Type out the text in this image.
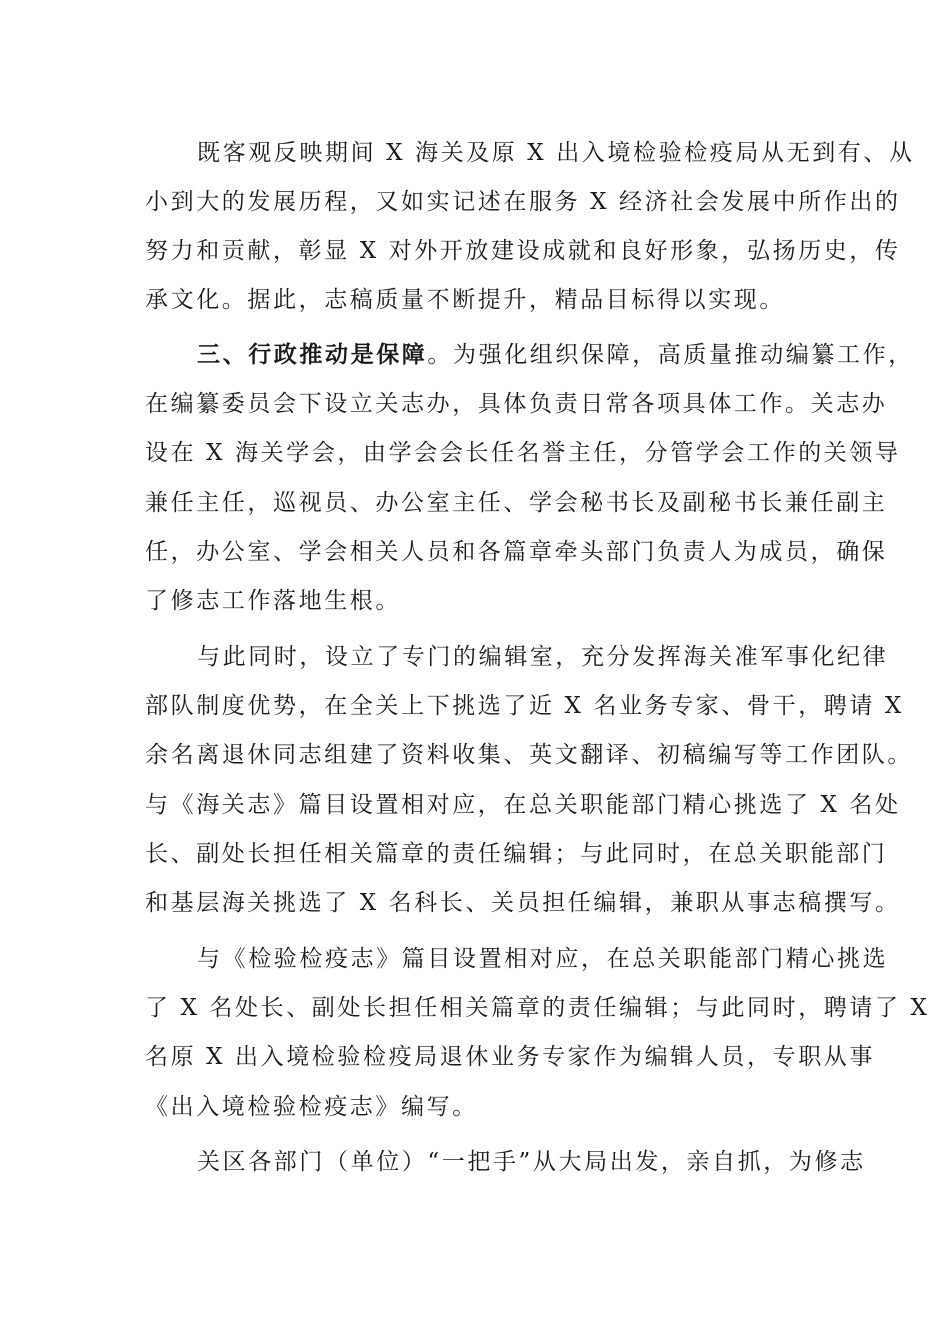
既客观反映期间 X 海关及原 X 出入境检验检疫局从无到有、从
小到大的发展历程，又如实记述在服务 X 经济社会发展中所作出的
努力和贡献，彰显 X 对外开放建设成就和良好形象，弘扬历史，传
承文化。据此，志稿质量不断提升，精品目标得以实现。
三、行政推动是保障。为强化组织保障，高质量推动编纂工作，
在编纂委员会下设立关志办，具体负责日常各项具体工作。关志办
设在 X 海关学会，由学会会长任名誉主任，分管学会工作的关领导
兼任主任，巡视员、办公室主任、学会秘书长及副秘书长兼任副主
任，办公室、学会相关人员和各篇章牵头部门负责人为成员，确保
了修志工作落地生根。
与此同时，设立了专门的编辑室，充分发挥海关准军事化纪律
部队制度优势，在全关上下挑选了近 X 名业务专家、骨干，聘请 X
余名离退休同志组建了资料收集、英文翻译、初稿编写等工作团队。
与《海关志》篇目设置相对应，在总关职能部门精心挑选了 X 名处
长、副处长担任相关篇章的责任编辑；与此同时，在总关职能部门
和基层海关挑选了 X 名科长、关员担任编辑，兼职从事志稿撰写。
与《检验检疫志》篇目设置相对应，在总关职能部门精心挑选
了 X 名处长、副处长担任相关篇章的责任编辑；与此同时，聘请了 X
名原 X 出入境检验检疫局退休业务专家作为编辑人员，专职从事
《出入境检验检疫志》编写。
关区各部门（单位）“一把手”从大局出发，亲自抓，为修志
